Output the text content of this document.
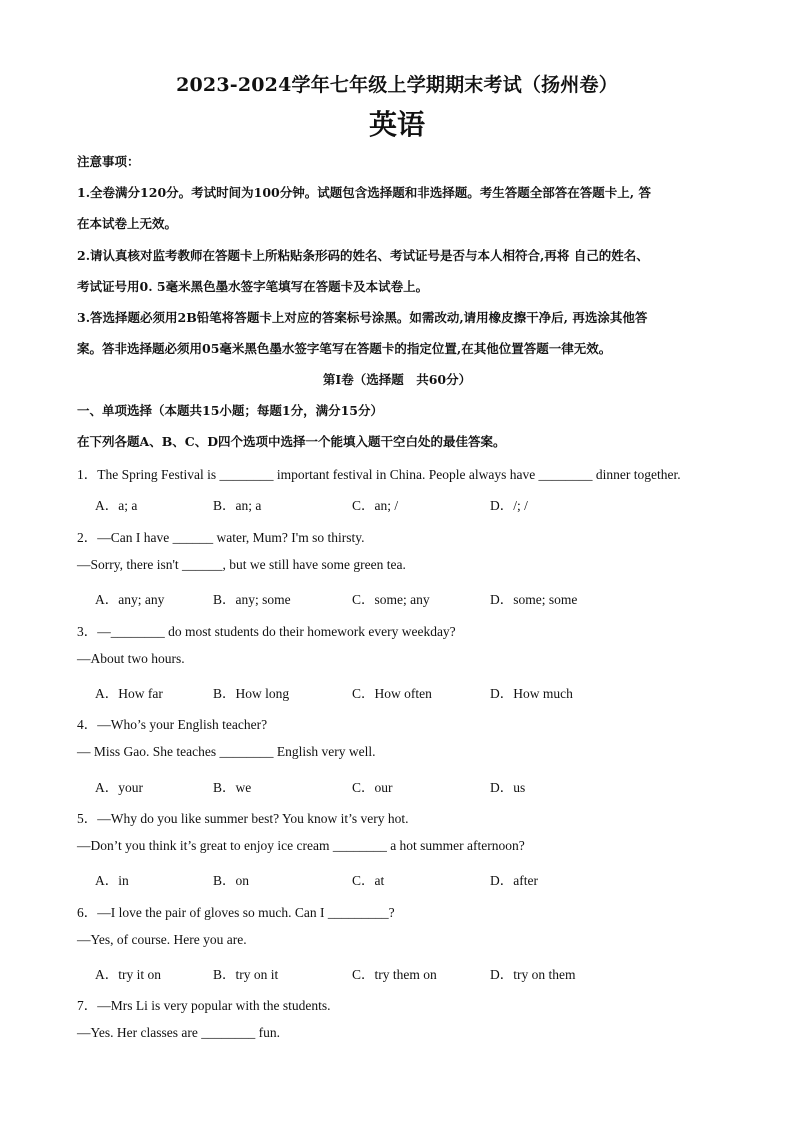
2023-2024学年七年级上学期期末考试（扬州卷）
英语
注意事项：
1.全卷满分120分。考试时间为100分钟。试题包含选择题和非选择题。考生答题全部答在答题卡上, 答
在本试卷上无效。
2.请认真核对监考教师在答题卡上所粘贴条形码的姓名、考试证号是否与本人相符合,再将 自己的姓名、
考试证号用0. 5毫米黑色墨水签字笔填写在答题卡及本试卷上。
3.答选择题必须用2B铅笔将答题卡上对应的答案标号涂黑。如需改动,请用橡皮擦干净后, 再选涂其他答
案。答非选择题必须用05毫米黑色墨水签字笔写在答题卡的指定位置,在其他位置答题一律无效。
第I卷（选择题　共60分）
一、单项选择（本题共15小题；每题1分，满分15分）
在下列各题A、B、C、D四个选项中选择一个能填入题干空白处的最佳答案。
1．The Spring Festival is ________ important festival in China. People always have ________ dinner together.
A．a; a	B．an; a	C．an; /	D．/; /
2．—Can I have ______ water, Mum? I'm so thirsty.
—Sorry, there isn't ______, but we still have some green tea.
A．any; any	B．any; some	C．some; any	D．some; some
3．—________ do most students do their homework every weekday?
—About two hours.
A．How far	B．How long	C．How often	D．How much
4．—Who’s your English teacher?
— Miss Gao. She teaches ________ English very well.
A．your	B．we	C．our	D．us
5．—Why do you like summer best? You know it’s very hot.
—Don’t you think it’s great to enjoy ice cream ________ a hot summer afternoon?
A．in	B．on	C．at	D．after
6．—I love the pair of gloves so much. Can I _________?
—Yes, of course. Here you are.
A．try it on	B．try on it	C．try them on	D．try on them
7．—Mrs Li is very popular with the students.
—Yes. Her classes are ________ fun.
